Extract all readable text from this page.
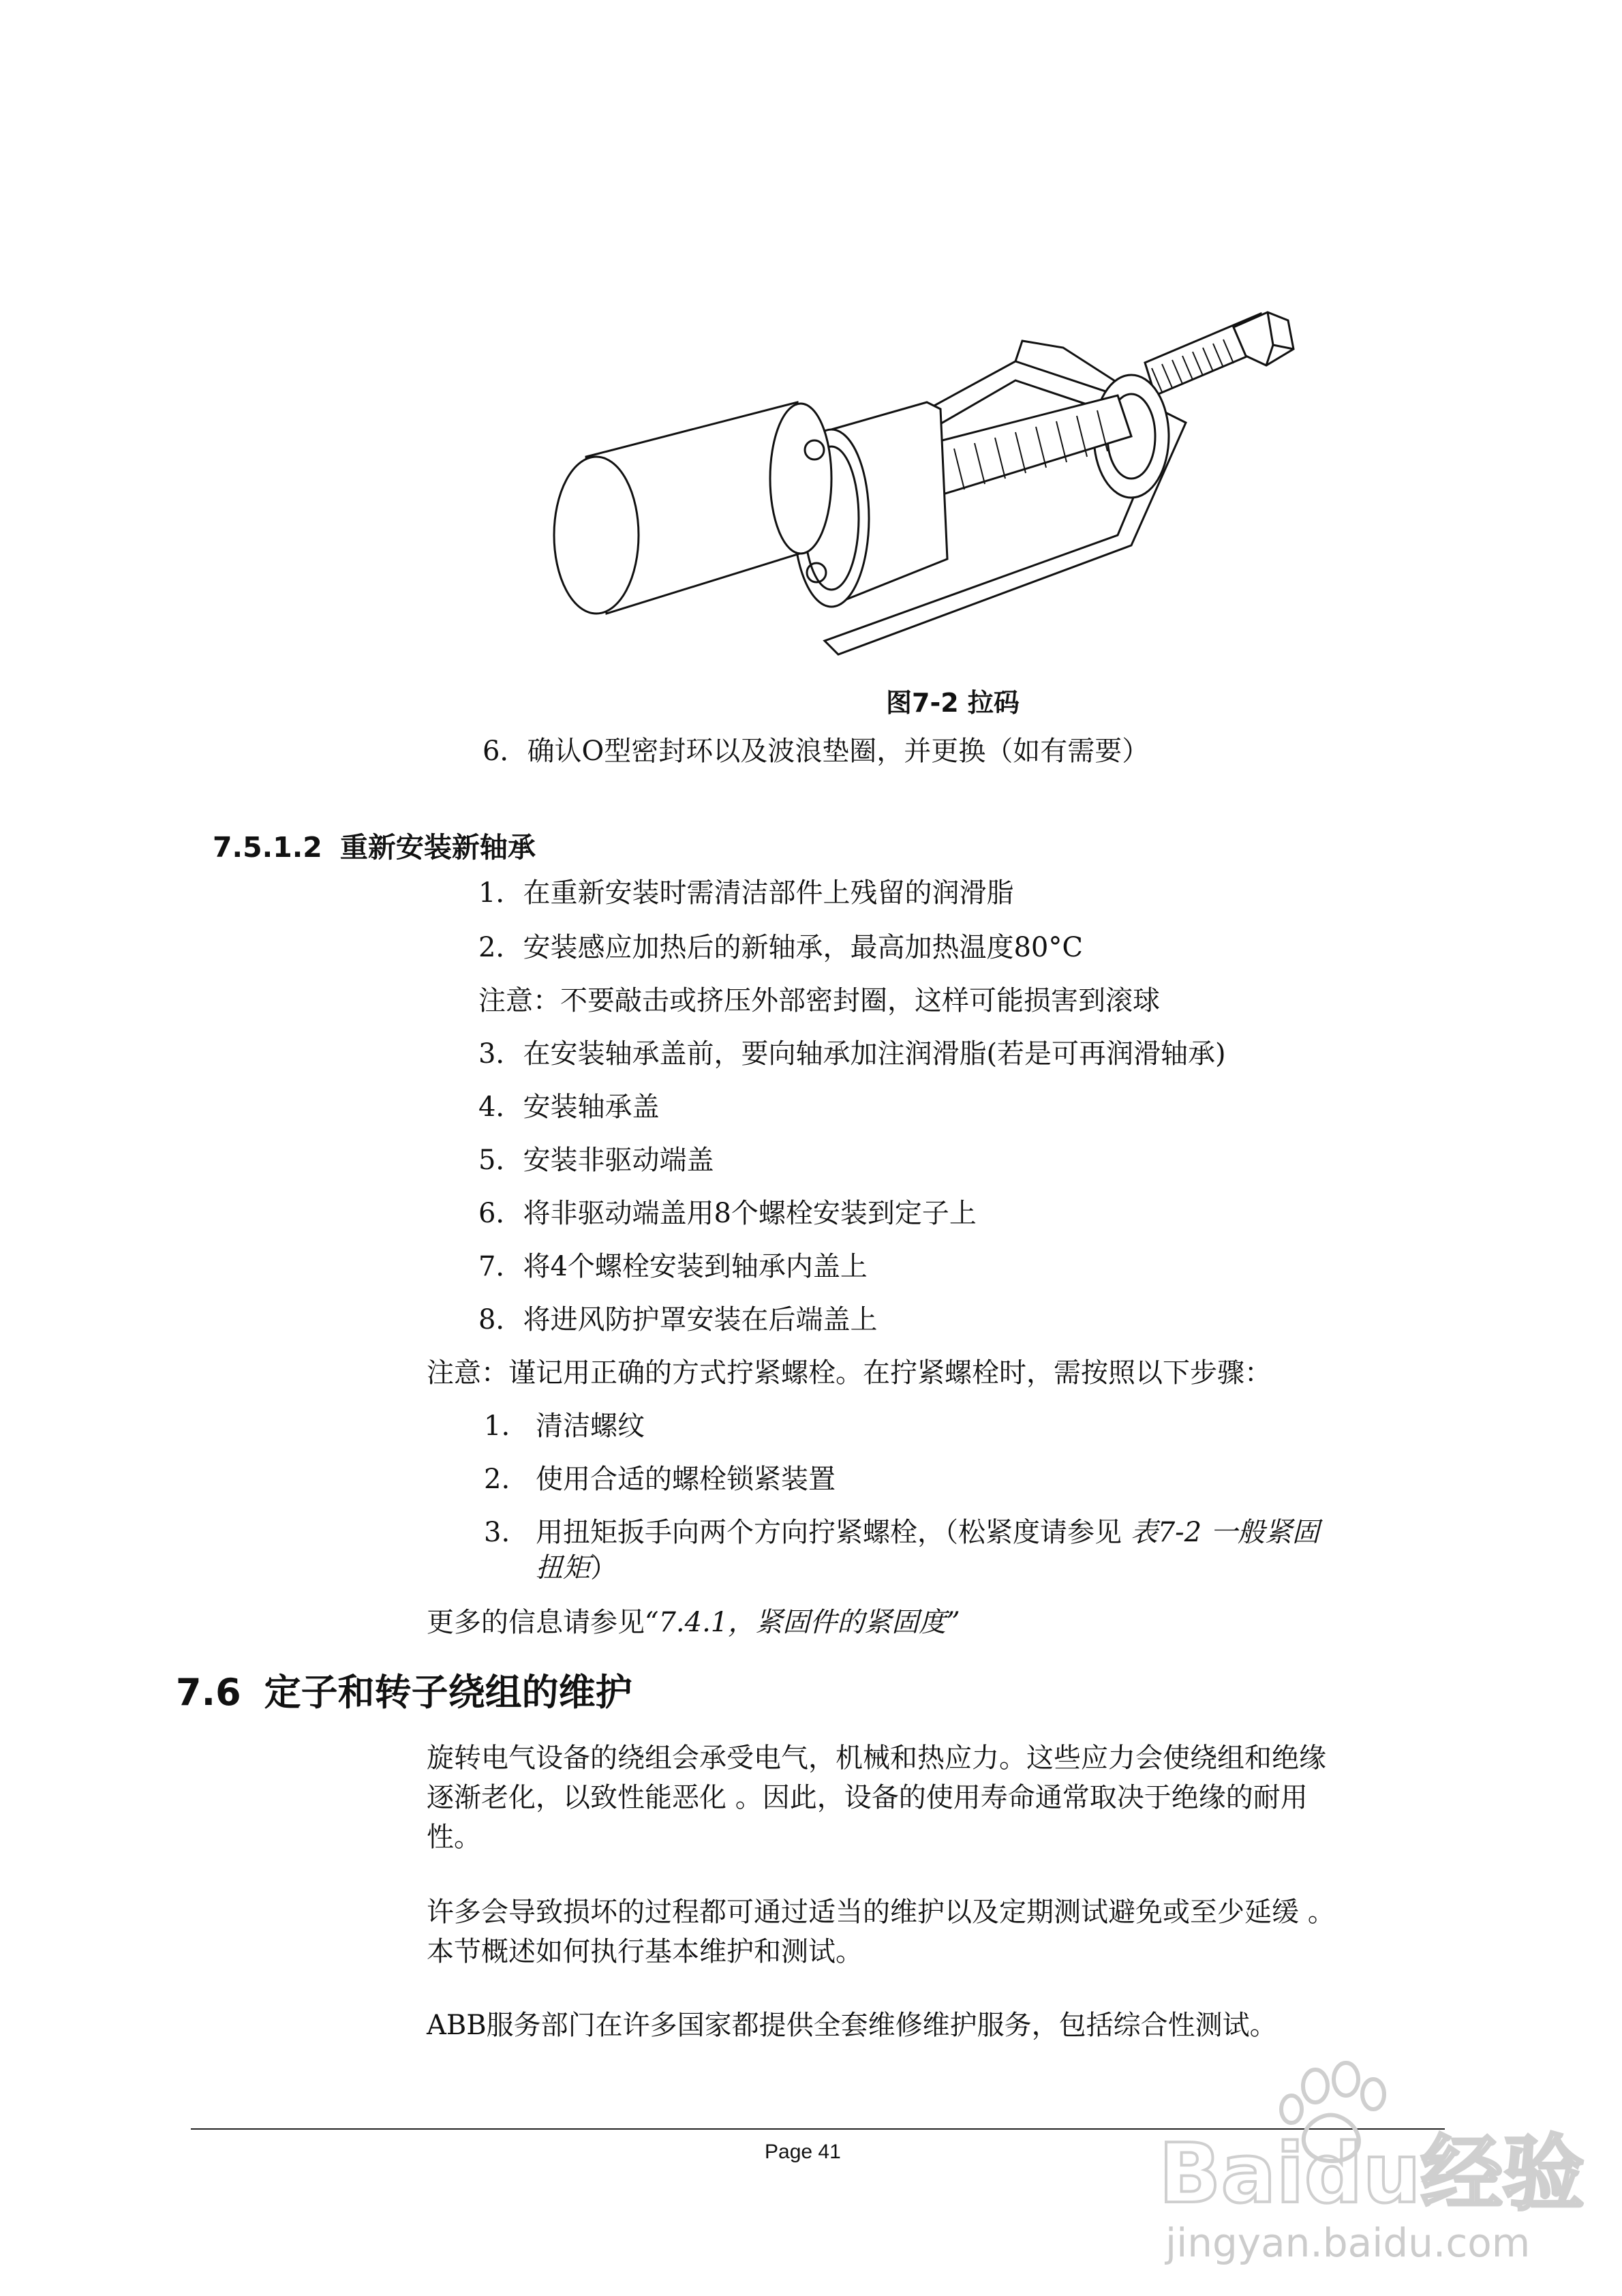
图7-2 拉码
6．确认O型密封环以及波浪垫圈，并更换（如有需要）
7.5.1.2 重新安装新轴承
1．在重新安装时需清洁部件上残留的润滑脂
2．安装感应加热后的新轴承，最高加热温度80°C
注意：不要敲击或挤压外部密封圈，这样可能损害到滚球
3．在安装轴承盖前，要向轴承加注润滑脂(若是可再润滑轴承)
4．安装轴承盖
5．安装非驱动端盖
6．将非驱动端盖用8个螺栓安装到定子上
7．将4个螺栓安装到轴承内盖上
8．将进风防护罩安装在后端盖上
注意：谨记用正确的方式拧紧螺栓。在拧紧螺栓时，需按照以下步骤：
1. 清洁螺纹
2. 使用合适的螺栓锁紧装置
3. 用扭矩扳手向两个方向拧紧螺栓，（松紧度请参见 表7-2 一般紧固
扭矩）
更多的信息请参见“7.4.1，紧固件的紧固度”
7.6 定子和转子绕组的维护
旋转电气设备的绕组会承受电气，机械和热应力。这些应力会使绕组和绝缘
逐渐老化，以致性能恶化 。因此，设备的使用寿命通常取决于绝缘的耐用
性。
许多会导致损坏的过程都可通过适当的维护以及定期测试避免或至少延缓 。
本节概述如何执行基本维护和测试。
ABB服务部门在许多国家都提供全套维修维护服务，包括综合性测试。
Page 41	Baidu经验
jingyan.baidu.com
